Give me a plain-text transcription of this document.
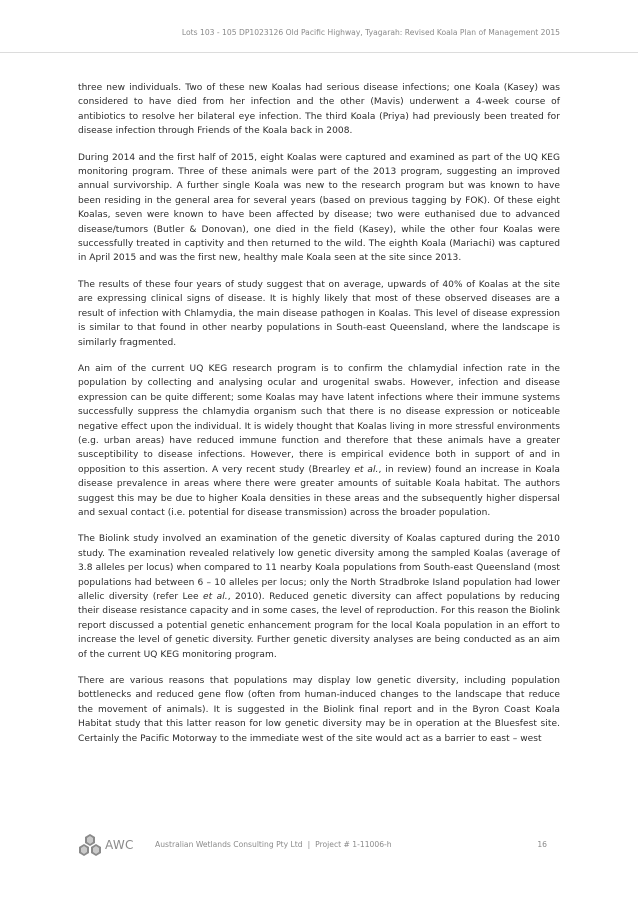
Lots 103 - 105 DP1023126 Old Pacific Highway, Tyagarah: Revised Koala Plan of Management 2015

three new individuals. Two of these new Koalas had serious disease infections; one Koala (Kasey) was considered to have died from her infection and the other (Mavis) underwent a 4-week course of antibiotics to resolve her bilateral eye infection. The third Koala (Priya) had previously been treated for disease infection through Friends of the Koala back in 2008.

During 2014 and the first half of 2015, eight Koalas were captured and examined as part of the UQ KEG monitoring program. Three of these animals were part of the 2013 program, suggesting an improved annual survivorship. A further single Koala was new to the research program but was known to have been residing in the general area for several years (based on previous tagging by FOK). Of these eight Koalas, seven were known to have been affected by disease; two were euthanised due to advanced disease/tumors (Butler & Donovan), one died in the field (Kasey), while the other four Koalas were successfully treated in captivity and then returned to the wild. The eighth Koala (Mariachi) was captured in April 2015 and was the first new, healthy male Koala seen at the site since 2013.

The results of these four years of study suggest that on average, upwards of 40% of Koalas at the site are expressing clinical signs of disease. It is highly likely that most of these observed diseases are a result of infection with Chlamydia, the main disease pathogen in Koalas. This level of disease expression is similar to that found in other nearby populations in South-east Queensland, where the landscape is similarly fragmented.

An aim of the current UQ KEG research program is to confirm the chlamydial infection rate in the population by collecting and analysing ocular and urogenital swabs. However, infection and disease expression can be quite different; some Koalas may have latent infections where their immune systems successfully suppress the chlamydia organism such that there is no disease expression or noticeable negative effect upon the individual. It is widely thought that Koalas living in more stressful environments (e.g. urban areas) have reduced immune function and therefore that these animals have a greater susceptibility to disease infections. However, there is empirical evidence both in support of and in opposition to this assertion. A very recent study (Brearley et al., in review) found an increase in Koala disease prevalence in areas where there were greater amounts of suitable Koala habitat. The authors suggest this may be due to higher Koala densities in these areas and the subsequently higher dispersal and sexual contact (i.e. potential for disease transmission) across the broader population.

The Biolink study involved an examination of the genetic diversity of Koalas captured during the 2010 study. The examination revealed relatively low genetic diversity among the sampled Koalas (average of 3.8 alleles per locus) when compared to 11 nearby Koala populations from South-east Queensland (most populations had between 6 – 10 alleles per locus; only the North Stradbroke Island population had lower allelic diversity (refer Lee et al., 2010). Reduced genetic diversity can affect populations by reducing their disease resistance capacity and in some cases, the level of reproduction. For this reason the Biolink report discussed a potential genetic enhancement program for the local Koala population in an effort to increase the level of genetic diversity. Further genetic diversity analyses are being conducted as an aim of the current UQ KEG monitoring program.

There are various reasons that populations may display low genetic diversity, including population bottlenecks and reduced gene flow (often from human-induced changes to the landscape that reduce the movement of animals). It is suggested in the Biolink final report and in the Byron Coast Koala Habitat study that this latter reason for low genetic diversity may be in operation at the Bluesfest site. Certainly the Pacific Motorway to the immediate west of the site would act as a barrier to east – west

AWC	Australian Wetlands Consulting Pty Ltd | Project # 1-11006-h	16
